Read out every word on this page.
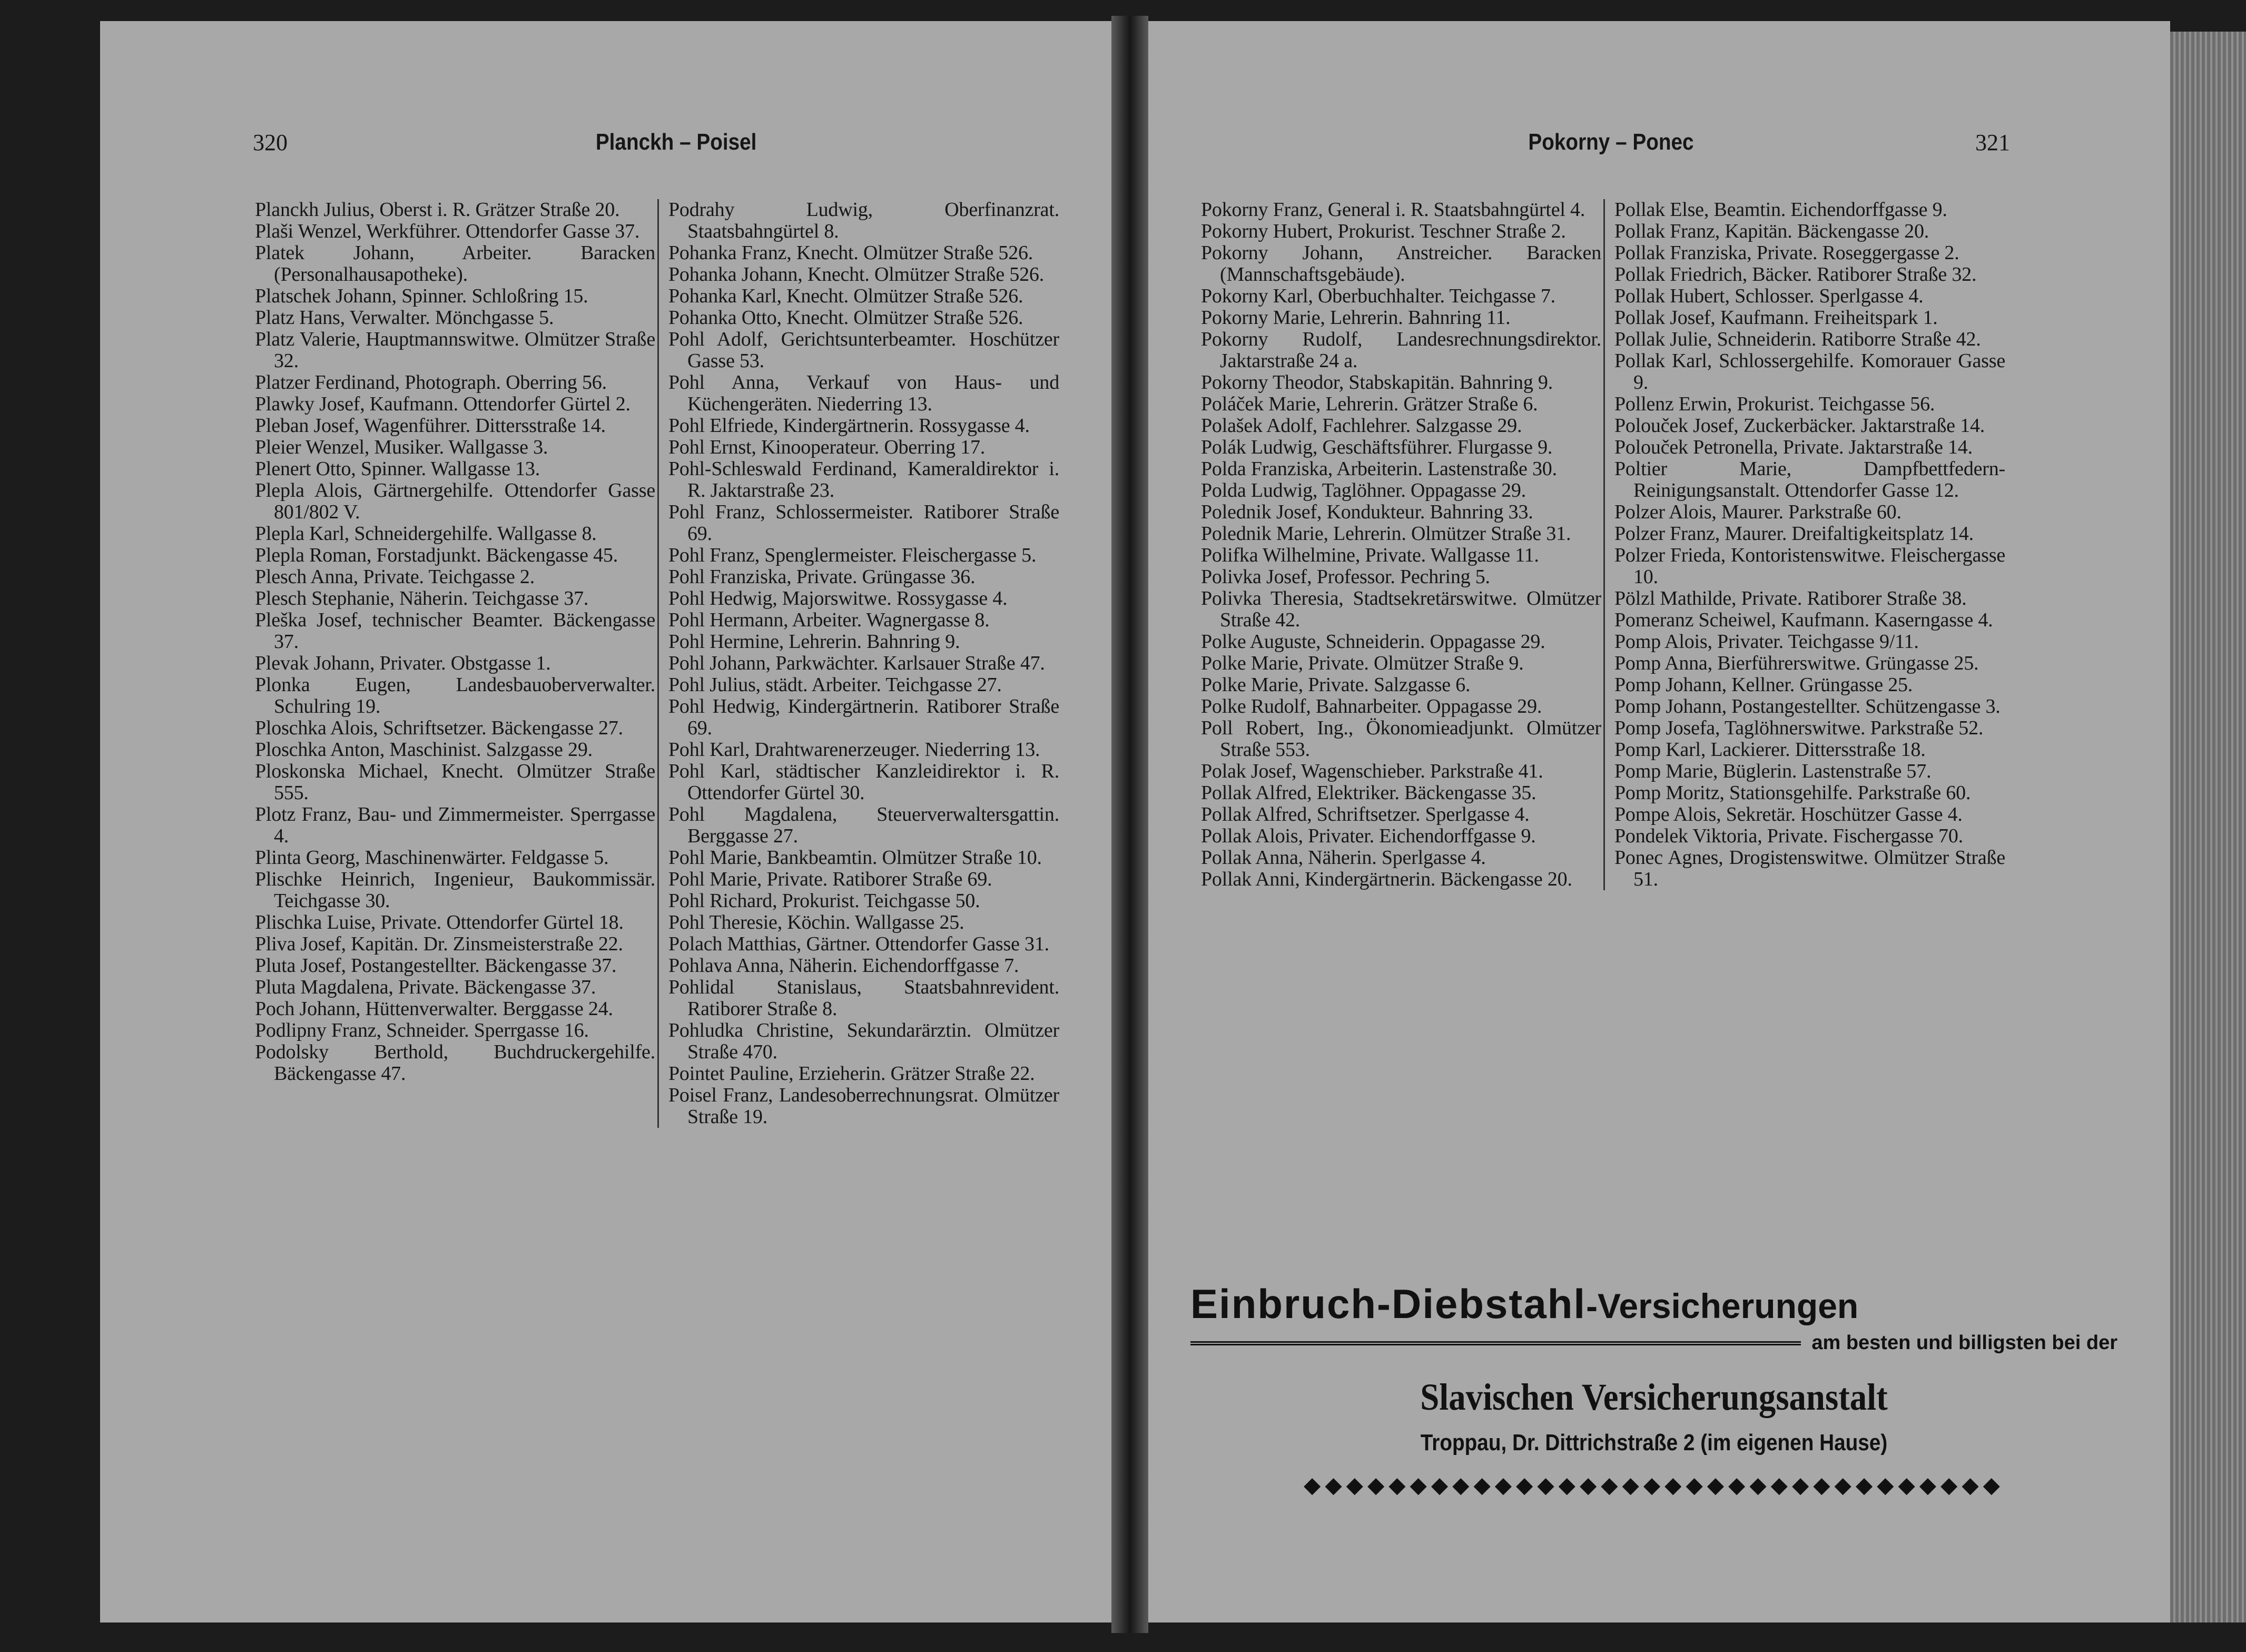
320	Planckh – Poisel
Planckh Julius, Oberst i. R. Grätzer Straße 20.
Plaši Wenzel, Werkführer. Ottendorfer Gasse 37.
Platek Johann, Arbeiter. Baracken (Personalhausapotheke).
Platschek Johann, Spinner. Schloßring 15.
Platz Hans, Verwalter. Mönchgasse 5.
Platz Valerie, Hauptmannswitwe. Olmützer Straße 32.
Platzer Ferdinand, Photograph. Oberring 56.
Plawky Josef, Kaufmann. Ottendorfer Gürtel 2.
Pleban Josef, Wagenführer. Dittersstraße 14.
Pleier Wenzel, Musiker. Wallgasse 3.
Plenert Otto, Spinner. Wallgasse 13.
Plepla Alois, Gärtnergehilfe. Ottendorfer Gasse 801/802 V.
Plepla Karl, Schneidergehilfe. Wallgasse 8.
Plepla Roman, Forstadjunkt. Bäckengasse 45.
Plesch Anna, Private. Teichgasse 2.
Plesch Stephanie, Näherin. Teichgasse 37.
Pleška Josef, technischer Beamter. Bäckengasse 37.
Plevak Johann, Privater. Obstgasse 1.
Plonka Eugen, Landesbauoberverwalter. Schulring 19.
Ploschka Alois, Schriftsetzer. Bäckengasse 27.
Ploschka Anton, Maschinist. Salzgasse 29.
Ploskonska Michael, Knecht. Olmützer Straße 555.
Plotz Franz, Bau- und Zimmermeister. Sperrgasse 4.
Plinta Georg, Maschinenwärter. Feldgasse 5.
Plischke Heinrich, Ingenieur, Baukommissär. Teichgasse 30.
Plischka Luise, Private. Ottendorfer Gürtel 18.
Pliva Josef, Kapitän. Dr. Zinsmeisterstraße 22.
Pluta Josef, Postangestellter. Bäckengasse 37.
Pluta Magdalena, Private. Bäckengasse 37.
Poch Johann, Hüttenverwalter. Berggasse 24.
Podlipny Franz, Schneider. Sperrgasse 16.
Podolsky Berthold, Buchdruckergehilfe. Bäckengasse 47.
Podrahy Ludwig, Oberfinanzrat. Staatsbahngürtel 8.
Pohanka Franz, Knecht. Olmützer Straße 526.
Pohanka Johann, Knecht. Olmützer Straße 526.
Pohanka Karl, Knecht. Olmützer Straße 526.
Pohanka Otto, Knecht. Olmützer Straße 526.
Pohl Adolf, Gerichtsunterbeamter. Hoschützer Gasse 53.
Pohl Anna, Verkauf von Haus- und Küchengeräten. Niederring 13.
Pohl Elfriede, Kindergärtnerin. Rossygasse 4.
Pohl Ernst, Kinooperateur. Oberring 17.
Pohl-Schleswald Ferdinand, Kameraldirektor i. R. Jaktarstraße 23.
Pohl Franz, Schlossermeister. Ratiborer Straße 69.
Pohl Franz, Spenglermeister. Fleischergasse 5.
Pohl Franziska, Private. Grüngasse 36.
Pohl Hedwig, Majorswitwe. Rossygasse 4.
Pohl Hermann, Arbeiter. Wagnergasse 8.
Pohl Hermine, Lehrerin. Bahnring 9.
Pohl Johann, Parkwächter. Karlsauer Straße 47.
Pohl Julius, städt. Arbeiter. Teichgasse 27.
Pohl Hedwig, Kindergärtnerin. Ratiborer Straße 69.
Pohl Karl, Drahtwarenerzeuger. Niederring 13.
Pohl Karl, städtischer Kanzleidirektor i. R. Ottendorfer Gürtel 30.
Pohl Magdalena, Steuerverwaltersgattin. Berggasse 27.
Pohl Marie, Bankbeamtin. Olmützer Straße 10.
Pohl Marie, Private. Ratiborer Straße 69.
Pohl Richard, Prokurist. Teichgasse 50.
Pohl Theresie, Köchin. Wallgasse 25.
Polach Matthias, Gärtner. Ottendorfer Gasse 31.
Pohlava Anna, Näherin. Eichendorffgasse 7.
Pohlidal Stanislaus, Staatsbahnrevident. Ratiborer Straße 8.
Pohludka Christine, Sekundarärztin. Olmützer Straße 470.
Pointet Pauline, Erzieherin. Grätzer Straße 22.
Poisel Franz, Landesoberrechnungsrat. Olmützer Straße 19.
Pokorny – Ponec	321
Pokorny Franz, General i. R. Staatsbahngürtel 4.
Pokorny Hubert, Prokurist. Teschner Straße 2.
Pokorny Johann, Anstreicher. Baracken (Mannschaftsgebäude).
Pokorny Karl, Oberbuchhalter. Teichgasse 7.
Pokorny Marie, Lehrerin. Bahnring 11.
Pokorny Rudolf, Landesrechnungsdirektor. Jaktarstraße 24 a.
Pokorny Theodor, Stabskapitän. Bahnring 9.
Poláček Marie, Lehrerin. Grätzer Straße 6.
Polašek Adolf, Fachlehrer. Salzgasse 29.
Polák Ludwig, Geschäftsführer. Flurgasse 9.
Polda Franziska, Arbeiterin. Lastenstraße 30.
Polda Ludwig, Taglöhner. Oppagasse 29.
Polednik Josef, Kondukteur. Bahnring 33.
Polednik Marie, Lehrerin. Olmützer Straße 31.
Polifka Wilhelmine, Private. Wallgasse 11.
Polivka Josef, Professor. Pechring 5.
Polivka Theresia, Stadtsekretärswitwe. Olmützer Straße 42.
Polke Auguste, Schneiderin. Oppagasse 29.
Polke Marie, Private. Olmützer Straße 9.
Polke Marie, Private. Salzgasse 6.
Polke Rudolf, Bahnarbeiter. Oppagasse 29.
Poll Robert, Ing., Ökonomieadjunkt. Olmützer Straße 553.
Polak Josef, Wagenschieber. Parkstraße 41.
Pollak Alfred, Elektriker. Bäckengasse 35.
Pollak Alfred, Schriftsetzer. Sperlgasse 4.
Pollak Alois, Privater. Eichendorffgasse 9.
Pollak Anna, Näherin. Sperlgasse 4.
Pollak Anni, Kindergärtnerin. Bäckengasse 20.
Pollak Else, Beamtin. Eichendorffgasse 9.
Pollak Franz, Kapitän. Bäckengasse 20.
Pollak Franziska, Private. Roseggergasse 2.
Pollak Friedrich, Bäcker. Ratiborer Straße 32.
Pollak Hubert, Schlosser. Sperlgasse 4.
Pollak Josef, Kaufmann. Freiheitspark 1.
Pollak Julie, Schneiderin. Ratiborre Straße 42.
Pollak Karl, Schlossergehilfe. Komorauer Gasse 9.
Pollenz Erwin, Prokurist. Teichgasse 56.
Polouček Josef, Zuckerbäcker. Jaktarstraße 14.
Polouček Petronella, Private. Jaktarstraße 14.
Poltier Marie, Dampfbettfedern-Reinigungsanstalt. Ottendorfer Gasse 12.
Polzer Alois, Maurer. Parkstraße 60.
Polzer Franz, Maurer. Dreifaltigkeitsplatz 14.
Polzer Frieda, Kontoristenswitwe. Fleischergasse 10.
Pölzl Mathilde, Private. Ratiborer Straße 38.
Pomeranz Scheiwel, Kaufmann. Kaserngasse 4.
Pomp Alois, Privater. Teichgasse 9/11.
Pomp Anna, Bierführerswitwe. Grüngasse 25.
Pomp Johann, Kellner. Grüngasse 25.
Pomp Johann, Postangestellter. Schützengasse 3.
Pomp Josefa, Taglöhnerswitwe. Parkstraße 52.
Pomp Karl, Lackierer. Dittersstraße 18.
Pomp Marie, Büglerin. Lastenstraße 57.
Pomp Moritz, Stationsgehilfe. Parkstraße 60.
Pompe Alois, Sekretär. Hoschützer Gasse 4.
Pondelek Viktoria, Private. Fischergasse 70.
Ponec Agnes, Drogistenswitwe. Olmützer Straße 51.
Einbruch-Diebstahl-Versicherungen
am besten und billigsten bei der
Slavischen Versicherungsanstalt
Troppau, Dr. Dittrichstraße 2 (im eigenen Hause)
◆◆◆◆◆◆◆◆◆◆◆◆◆◆◆◆◆◆◆◆◆◆◆◆◆◆◆◆◆◆◆◆◆
